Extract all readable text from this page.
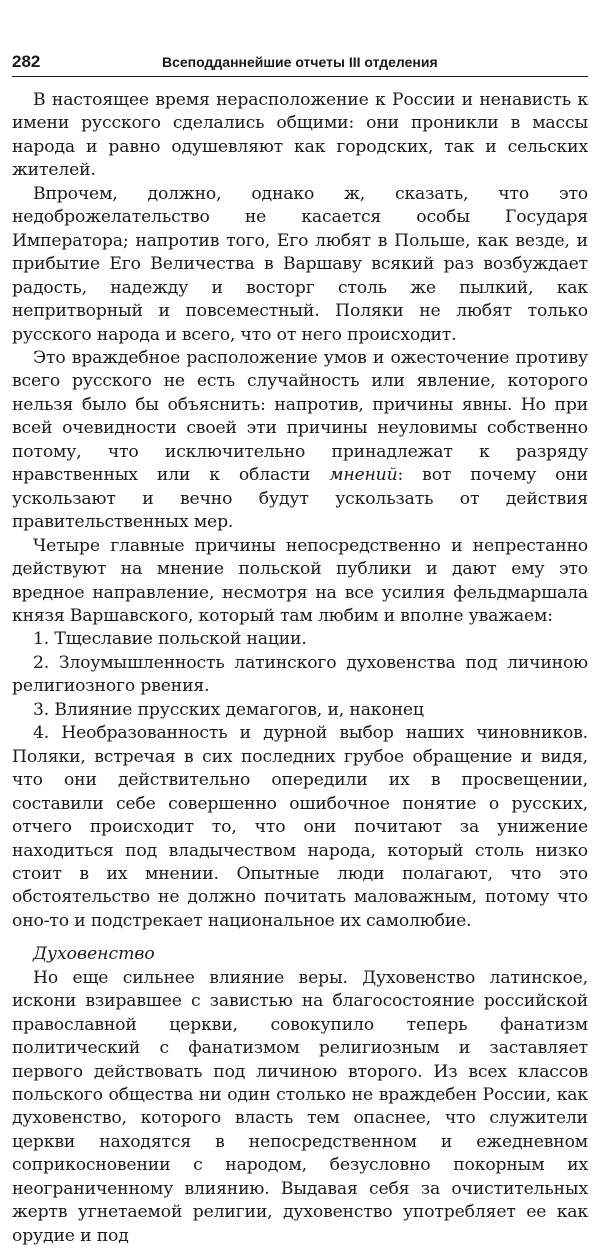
282	Всеподданнейшие отчеты III отделения

В настоящее время нерасположение к России и ненависть к имени русского сделались общими: они проникли в массы народа и равно одушевляют как городских, так и сельских жителей.

Впрочем, должно, однако ж, сказать, что это недоброжелательство не касается особы Государя Императора; напротив того, Его любят в Польше, как везде, и прибытие Его Величества в Варшаву всякий раз возбуждает радость, надежду и восторг столь же пылкий, как непритворный и повсеместный. Поляки не любят только русского народа и всего, что от него происходит.

Это враждебное расположение умов и ожесточение противу всего русского не есть случайность или явление, которого нельзя было бы объяснить: напротив, причины явны. Но при всей очевидности своей эти причины неуловимы собственно потому, что исключительно принадлежат к разряду нравственных или к области мнений: вот почему они ускользают и вечно будут ускользать от действия правительственных мер.

Четыре главные причины непосредственно и непрестанно действуют на мнение польской публики и дают ему это вредное направление, несмотря на все усилия фельдмаршала князя Варшавского, который там любим и вполне уважаем:

1. Тщеславие польской нации.

2. Злоумышленность латинского духовенства под личиною религиозного рвения.

3. Влияние прусских демагогов, и, наконец

4. Необразованность и дурной выбор наших чиновников. Поляки, встречая в сих последних грубое обращение и видя, что они действительно опередили их в просвещении, составили себе совершенно ошибочное понятие о русских, отчего происходит то, что они почитают за унижение находиться под владычеством народа, который столь низко стоит в их мнении. Опытные люди полагают, что это обстоятельство не должно почитать маловажным, потому что оно-то и подстрекает национальное их самолюбие.

Духовенство

Но еще сильнее влияние веры. Духовенство латинское, искони взиравшее с завистью на благосостояние российской православной церкви, совокупило теперь фанатизм политический с фанатизмом религиозным и заставляет первого действовать под личиною второго. Из всех классов польского общества ни один столько не враждебен России, как духовенство, которого власть тем опаснее, что служители церкви находятся в непосредственном и ежедневном соприкосновении с народом, безусловно покорным их неограниченному влиянию. Выдавая себя за очистительных жертв угнетаемой религии, духовенство употребляет ее как орудие и под
